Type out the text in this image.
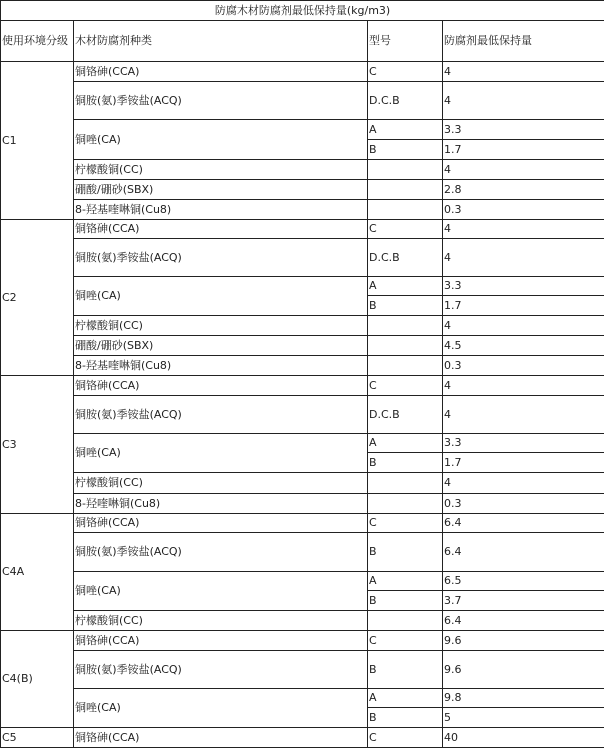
防腐木材防腐剂最低保持量(kg/m3)			
使用环境分级	木材防腐剂种类	型号	防腐剂最低保持量
C1	铜铬砷(CCA)	C	4
	铜胺(氨)季铵盐(ACQ)	D.C.B	4
	铜唑(CA)	A	3.3
		B	1.7
	柠檬酸铜(CC)		4
	硼酸/硼砂(SBX)		2.8
	8-羟基喹啉铜(Cu8)		0.3
C2	铜铬砷(CCA)	C	4
	铜胺(氨)季铵盐(ACQ)	D.C.B	4
	铜唑(CA)	A	3.3
		B	1.7
	柠檬酸铜(CC)		4
	硼酸/硼砂(SBX)		4.5
	8-羟基喹啉铜(Cu8)		0.3
C3	铜铬砷(CCA)	C	4
	铜胺(氨)季铵盐(ACQ)	D.C.B	4
	铜唑(CA)	A	3.3
		B	1.7
	柠檬酸铜(CC)		4
	8-羟喹啉铜(Cu8)		0.3
C4A	铜铬砷(CCA)	C	6.4
	铜胺(氨)季铵盐(ACQ)	B	6.4
	铜唑(CA)	A	6.5
		B	3.7
	柠檬酸铜(CC)		6.4
C4(B)	铜铬砷(CCA)	C	9.6
	铜胺(氨)季铵盐(ACQ)	B	9.6
	铜唑(CA)	A	9.8
		B	5
C5	铜铬砷(CCA)	C	40
